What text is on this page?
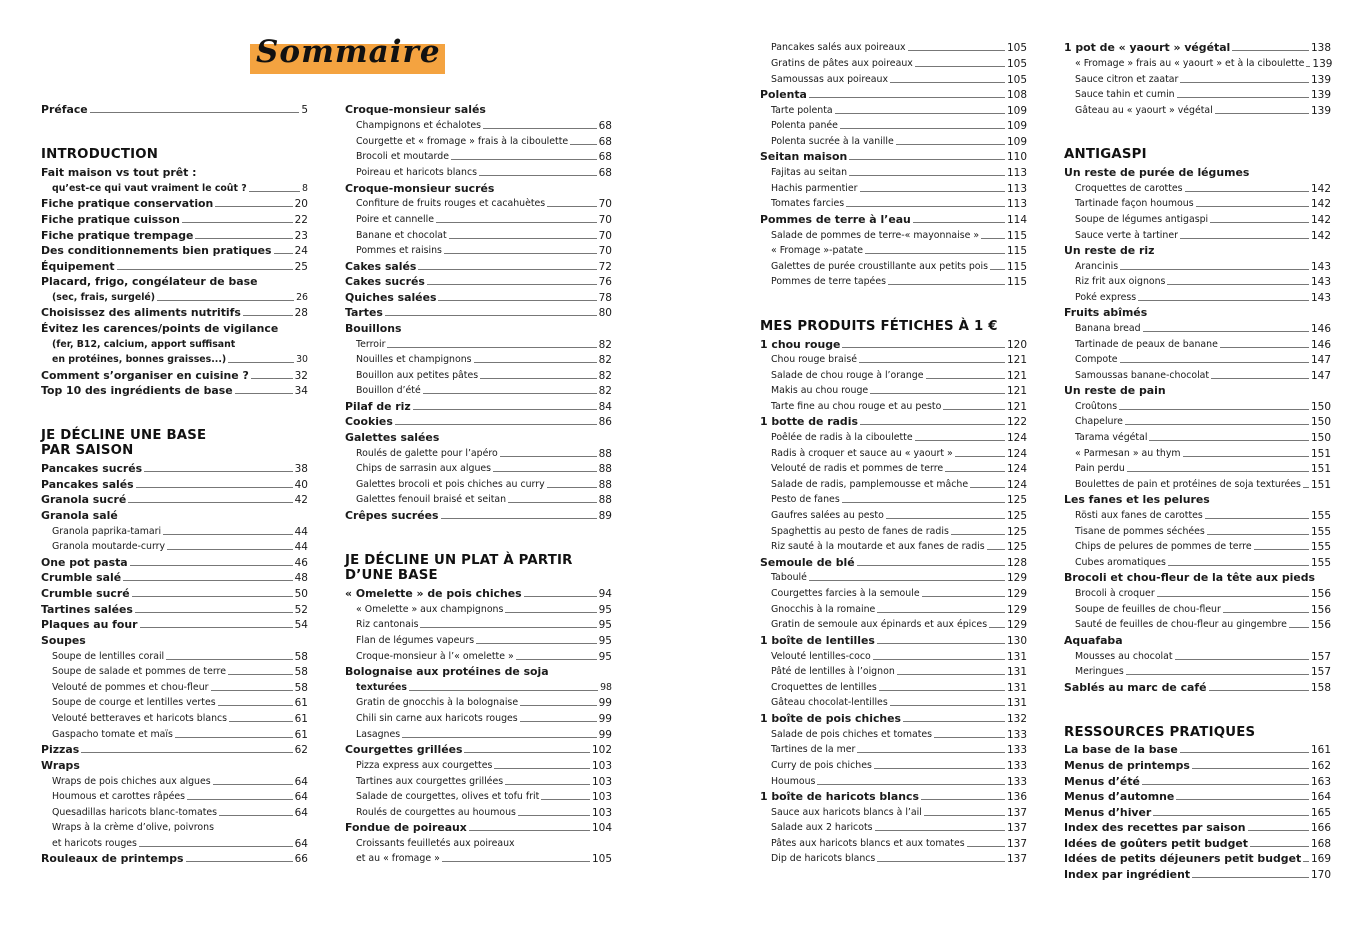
Sommaire
Préface	5
INTRODUCTION
Fait maison vs tout prêt :
qu’est-ce qui vaut vraiment le coût ?	8
Fiche pratique conservation	20
Fiche pratique cuisson	22
Fiche pratique trempage	23
Des conditionnements bien pratiques 24
Équipement	25
Placard, frigo, congélateur de base
(sec, frais, surgelé)	26
Choisissez des aliments nutritifs	28
Évitez les carences/points de vigilance
(fer, B12, calcium, apport suffisant
en protéines, bonnes graisses...)	30
Comment s’organiser en cuisine ?	32
Top 10 des ingrédients de base	34
JE DÉCLINE UNE BASE
PAR SAISON
Pancakes sucrés	38
Pancakes salés	40
Granola sucré	42
Granola salé
Granola paprika-tamari	44
Granola moutarde-curry	44
One pot pasta	46
Crumble salé	48
Crumble sucré	50
Tartines salées	52
Plaques au four	54
Soupes
Soupe de lentilles corail	58
Soupe de salade et pommes de terre	58
Velouté de pommes et chou-fleur	58
Soupe de courge et lentilles vertes	61
Velouté betteraves et haricots blancs	61
Gaspacho tomate et maïs	61
Pizzas	62
Wraps
Wraps de pois chiches aux algues	64
Houmous et carottes râpées	64
Quesadillas haricots blanc-tomates	64
Wraps à la crème d’olive, poivrons
et haricots rouges	64
Rouleaux de printemps	66
Croque-monsieur salés
Champignons et échalotes	68
Courgette et « fromage » frais à la ciboulette	68
Brocoli et moutarde	68
Poireau et haricots blancs	68
Croque-monsieur sucrés
Confiture de fruits rouges et cacahuètes	70
Poire et cannelle	70
Banane et chocolat	70
Pommes et raisins	70
Cakes salés	72
Cakes sucrés	76
Quiches salées	78
Tartes	80
Bouillons
Terroir	82
Nouilles et champignons	82
Bouillon aux petites pâtes	82
Bouillon d’été	82
Pilaf de riz	84
Cookies	86
Galettes salées
Roulés de galette pour l’apéro	88
Chips de sarrasin aux algues	88
Galettes brocoli et pois chiches au curry	88
Galettes fenouil braisé et seitan	88
Crêpes sucrées	89
JE DÉCLINE UN PLAT À PARTIR
D’UNE BASE
« Omelette » de pois chiches	94
« Omelette » aux champignons	95
Riz cantonais	95
Flan de légumes vapeurs	95
Croque-monsieur à l’« omelette »	95
Bolognaise aux protéines de soja
texturées	98
Gratin de gnocchis à la bolognaise	99
Chili sin carne aux haricots rouges	99
Lasagnes	99
Courgettes grillées	102
Pizza express aux courgettes	103
Tartines aux courgettes grillées	103
Salade de courgettes, olives et tofu frit	103
Roulés de courgettes au houmous	103
Fondue de poireaux	104
Croissants feuilletés aux poireaux
et au « fromage »	105
Pancakes salés aux poireaux	105
Gratins de pâtes aux poireaux	105
Samoussas aux poireaux	105
Polenta	108
Tarte polenta	109
Polenta panée	109
Polenta sucrée à la vanille	109
Seitan maison	110
Fajitas au seitan	113
Hachis parmentier	113
Tomates farcies	113
Pommes de terre à l’eau	114
Salade de pommes de terre-« mayonnaise »	115
« Fromage »-patate	115
Galettes de purée croustillante aux petits pois 115
Pommes de terre tapées	115
MES PRODUITS FÉTICHES À 1 €
1 chou rouge	120
Chou rouge braisé	121
Salade de chou rouge à l’orange	121
Makis au chou rouge	121
Tarte fine au chou rouge et au pesto	121
1 botte de radis	122
Poêlée de radis à la ciboulette	124
Radis à croquer et sauce au « yaourt »	124
Velouté de radis et pommes de terre	124
Salade de radis, pamplemousse et mâche	124
Pesto de fanes	125
Gaufres salées au pesto	125
Spaghettis au pesto de fanes de radis	125
Riz sauté à la moutarde et aux fanes de radis 125
Semoule de blé	128
Taboulé	129
Courgettes farcies à la semoule	129
Gnocchis à la romaine	129
Gratin de semoule aux épinards et aux épices 129
1 boîte de lentilles	130
Velouté lentilles-coco	131
Pâté de lentilles à l’oignon	131
Croquettes de lentilles	131
Gâteau chocolat-lentilles	131
1 boîte de pois chiches	132
Salade de pois chiches et tomates	133
Tartines de la mer	133
Curry de pois chiches	133
Houmous	133
1 boîte de haricots blancs	136
Sauce aux haricots blancs à l’ail	137
Salade aux 2 haricots	137
Pâtes aux haricots blancs et aux tomates	137
Dip de haricots blancs	137
1 pot de « yaourt » végétal	138
« Fromage » frais au « yaourt » et à la ciboulette 139
Sauce citron et zaatar	139
Sauce tahin et cumin	139
Gâteau au « yaourt » végétal	139
ANTIGASPI
Un reste de purée de légumes
Croquettes de carottes	142
Tartinade façon houmous	142
Soupe de légumes antigaspi	142
Sauce verte à tartiner	142
Un reste de riz
Arancinis	143
Riz frit aux oignons	143
Poké express	143
Fruits abîmés
Banana bread	146
Tartinade de peaux de banane	146
Compote	147
Samoussas banane-chocolat	147
Un reste de pain
Croûtons	150
Chapelure	150
Tarama végétal	150
« Parmesan » au thym	151
Pain perdu	151
Boulettes de pain et protéines de soja texturées 151
Les fanes et les pelures
Rösti aux fanes de carottes	155
Tisane de pommes séchées	155
Chips de pelures de pommes de terre	155
Cubes aromatiques	155
Brocoli et chou-fleur de la tête aux pieds
Brocoli à croquer	156
Soupe de feuilles de chou-fleur	156
Sauté de feuilles de chou-fleur au gingembre 156
Aquafaba
Mousses au chocolat	157
Meringues	157
Sablés au marc de café	158
RESSOURCES PRATIQUES
La base de la base	161
Menus de printemps	162
Menus d’été	163
Menus d’automne	164
Menus d’hiver	165
Index des recettes par saison	166
Idées de goûters petit budget	168
Idées de petits déjeuners petit budget 169
Index par ingrédient	170
